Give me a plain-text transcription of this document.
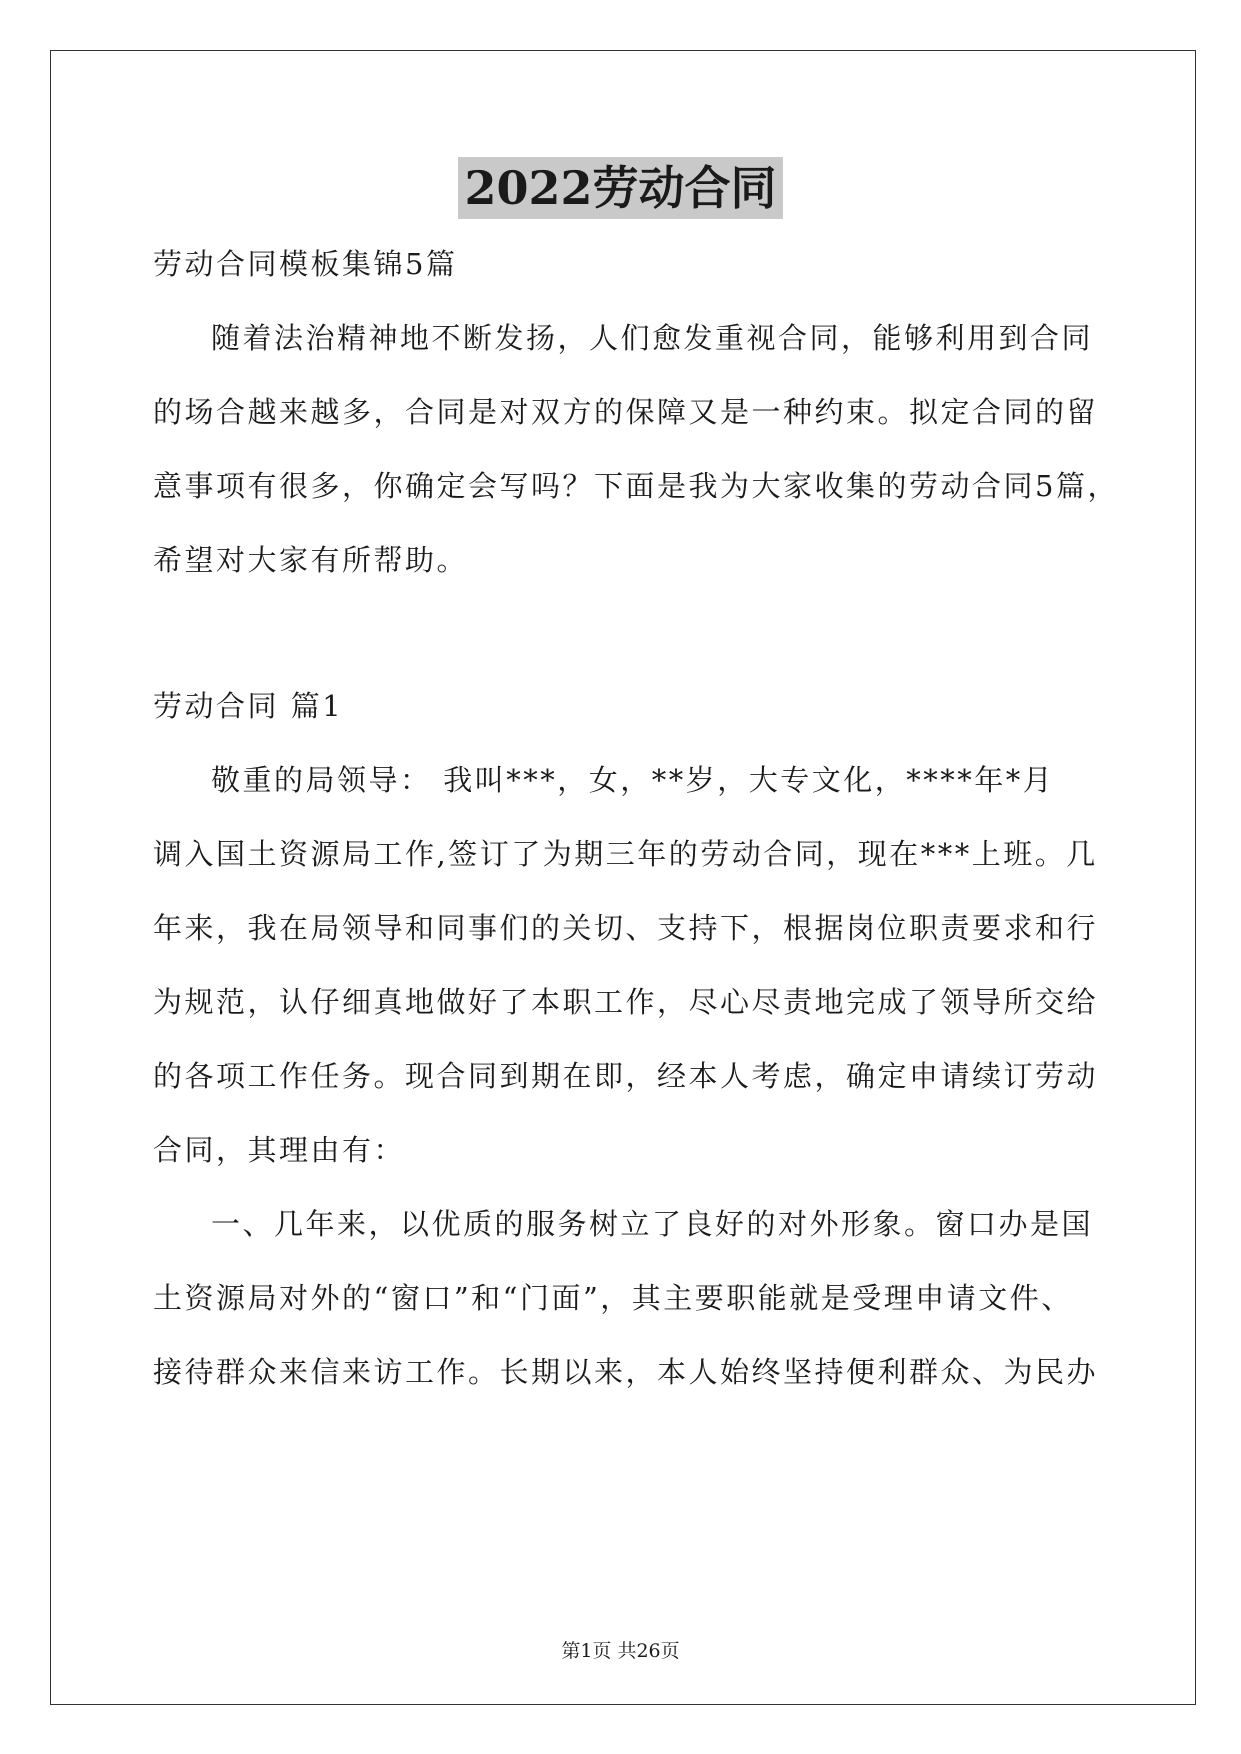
2022劳动合同
劳动合同模板集锦5篇
随着法治精神地不断发扬，人们愈发重视合同，能够利用到合同
的场合越来越多，合同是对双方的保障又是一种约束。拟定合同的留
意事项有很多，你确定会写吗？下面是我为大家收集的劳动合同5篇，
希望对大家有所帮助。
劳动合同 篇1
敬重的局领导： 我叫***，女，**岁，大专文化，****年*月
调入国土资源局工作,签订了为期三年的劳动合同，现在***上班。几
年来，我在局领导和同事们的关切、支持下，根据岗位职责要求和行
为规范，认仔细真地做好了本职工作，尽心尽责地完成了领导所交给
的各项工作任务。现合同到期在即，经本人考虑，确定申请续订劳动
合同，其理由有：
一、几年来，以优质的服务树立了良好的对外形象。窗口办是国
土资源局对外的“窗口”和“门面”，其主要职能就是受理申请文件、
接待群众来信来访工作。长期以来，本人始终坚持便利群众、为民办
第1页 共26页
